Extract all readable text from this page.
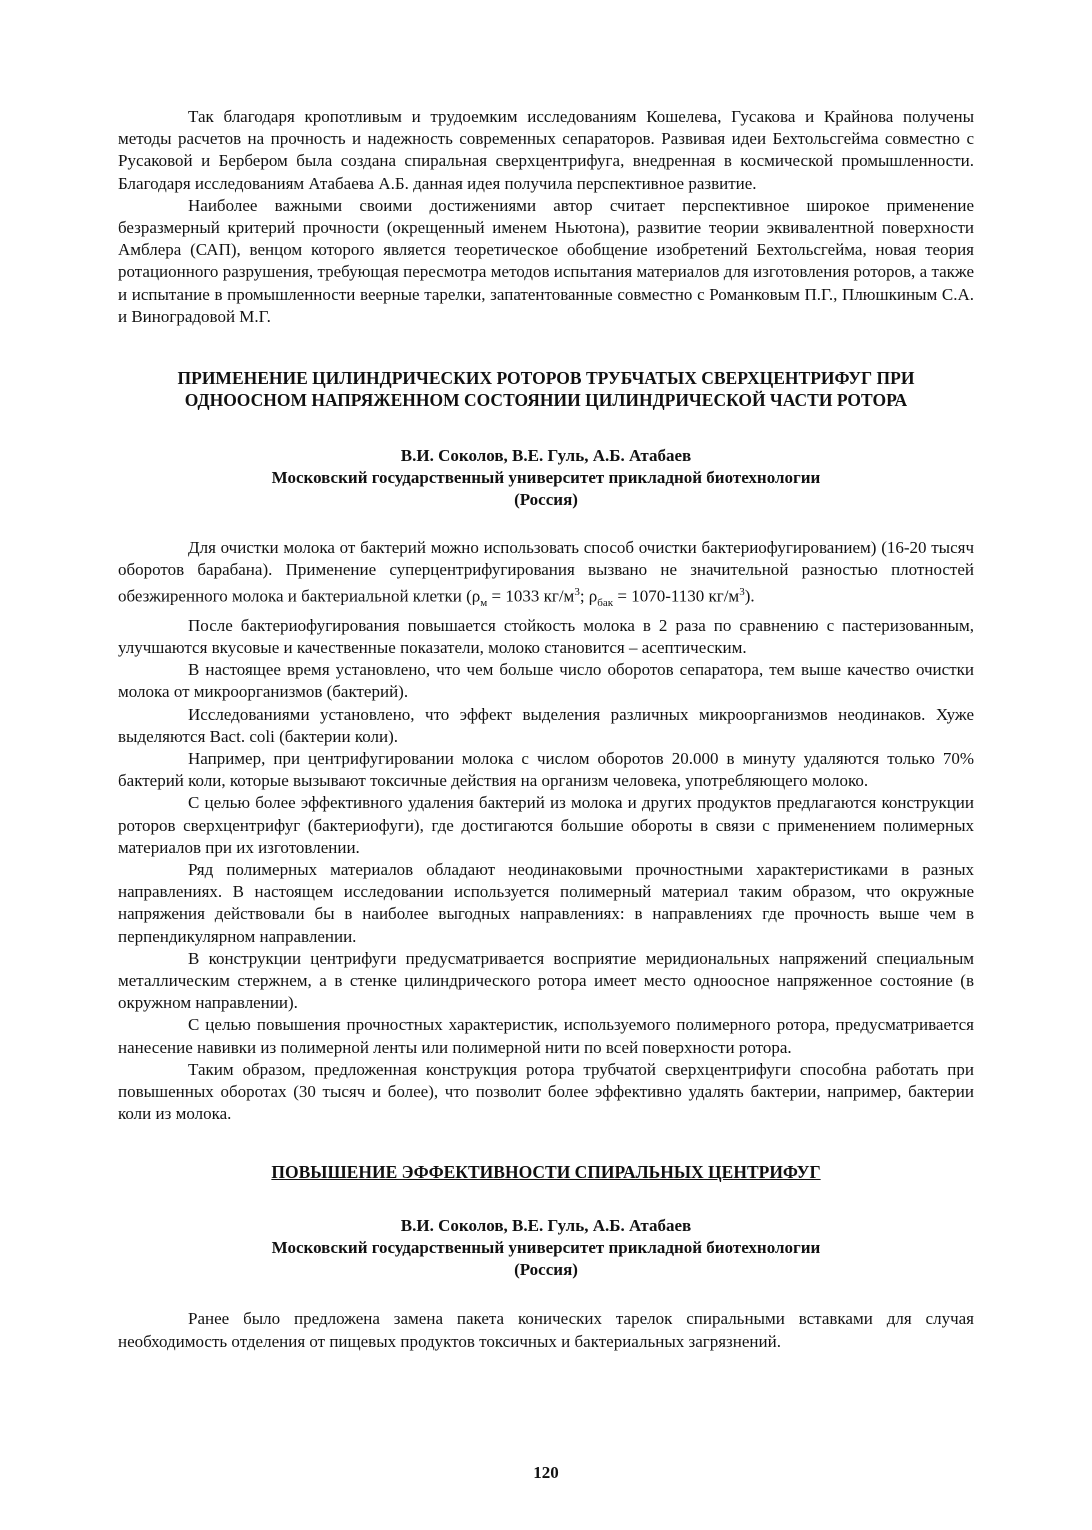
Так благодаря кропотливым и трудоемким исследованиям Кошелева, Гусакова и Крайнова получены методы расчетов на прочность и надежность современных сепараторов. Развивая идеи Бехтольсгейма совместно с Русаковой и Бербером была создана спиральная сверхцентрифуга, внедренная в космической промышленности. Благодаря исследованиям Атабаева А.Б. данная идея получила перспективное развитие.

Наиболее важными своими достижениями автор считает перспективное широкое применение безразмерный критерий прочности (окрещенный именем Ньютона), развитие теории эквивалентной поверхности Амблера (САП), венцом которого является теоретическое обобщение изобретений Бехтольсгейма, новая теория ротационного разрушения, требующая пересмотра методов испытания материалов для изготовления роторов, а также и испытание в промышленности веерные тарелки, запатентованные совместно с Романковым П.Г., Плюшкиным С.А. и Виноградовой М.Г.

ПРИМЕНЕНИЕ ЦИЛИНДРИЧЕСКИХ РОТОРОВ ТРУБЧАТЫХ СВЕРХЦЕНТРИФУГ ПРИ
ОДНООСНОМ НАПРЯЖЕННОМ СОСТОЯНИИ ЦИЛИНДРИЧЕСКОЙ ЧАСТИ РОТОРА

В.И. Соколов, В.Е. Гуль, А.Б. Атабаев

Московский государственный университет прикладной биотехнологии

(Россия)

Для очистки молока от бактерий можно использовать способ очистки бактериофугированием) (16-20 тысяч оборотов барабана). Применение суперцентрифугирования вызвано не значительной разностью плотностей обезжиренного молока и бактериальной клетки ($\rho_м = 1033$ $кг/м^3$; $\rho_{бак} = 1070-1130$ $кг/м^3$).

После бактериофугирования повышается стойкость молока в 2 раза по сравнению с пастеризованным, улучшаются вкусовые и качественные показатели, молоко становится – асептическим.

В настоящее время установлено, что чем больше число оборотов сепаратора, тем выше качество очистки молока от микроорганизмов (бактерий).

Исследованиями установлено, что эффект выделения различных микроорганизмов неодинаков. Хуже выделяются Bact. coli (бактерии коли).

Например, при центрифугировании молока с числом оборотов 20.000 в минуту удаляются только 70% бактерий коли, которые вызывают токсичные действия на организм человека, употребляющего молоко.

С целью более эффективного удаления бактерий из молока и других продуктов предлагаются конструкции роторов сверхцентрифуг (бактериофуги), где достигаются большие обороты в связи с применением полимерных материалов при их изготовлении.

Ряд полимерных материалов обладают неодинаковыми прочностными характеристиками в разных направлениях. В настоящем исследовании используется полимерный материал таким образом, что окружные напряжения действовали бы в наиболее выгодных направлениях: в направлениях где прочность выше чем в перпендикулярном направлении.

В конструкции центрифуги предусматривается восприятие меридиональных напряжений специальным металлическим стержнем, а в стенке цилиндрического ротора имеет место одноосное напряженное состояние (в окружном направлении).

С целью повышения прочностных характеристик, используемого полимерного ротора, предусматривается нанесение навивки из полимерной ленты или полимерной нити по всей поверхности ротора.

Таким образом, предложенная конструкция ротора трубчатой сверхцентрифуги способна работать при повышенных оборотах (30 тысяч и более), что позволит более эффективно удалять бактерии, например, бактерии коли из молока.

ПОВЫШЕНИЕ ЭФФЕКТИВНОСТИ СПИРАЛЬНЫХ ЦЕНТРИФУГ

В.И. Соколов, В.Е. Гуль, А.Б. Атабаев

Московский государственный университет прикладной биотехнологии

(Россия)

Ранее было предложена замена пакета конических тарелок спиральными вставками для случая необходимость отделения от пищевых продуктов токсичных и бактериальных загрязнений.

120
